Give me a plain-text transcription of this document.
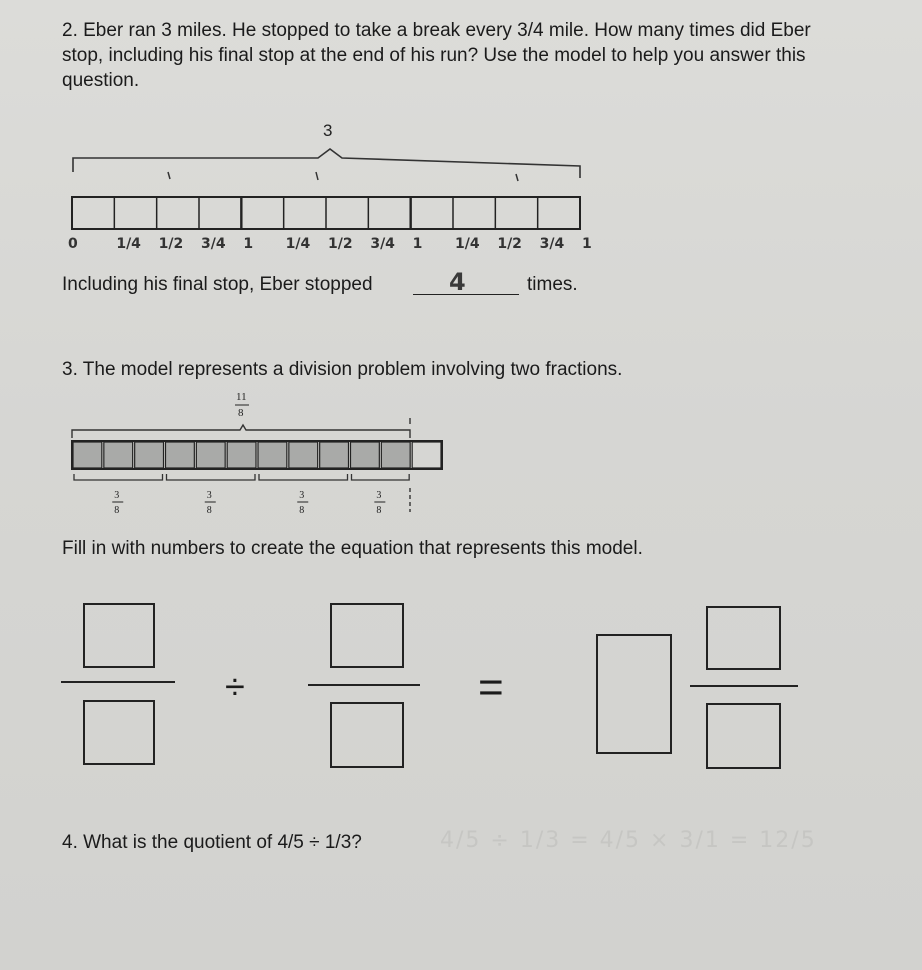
2. Eber ran 3 miles. He stopped to take a break every 3/4 mile. How many times did Eber stop, including his final stop at the end of his run? Use the model to help you answer this question.
3
0	1/4 1/2 3/4 1 1/4 1/2 3/4 1 1/4 1/2 3/4 1
Including his final stop, Eber stopped	4	times.
3. The model represents a division problem involving two fractions.
11
8
3
8
3
8
3
8
3
8
Fill in with numbers to create the equation that represents this model.
÷	=
4. What is the quotient of 4/5 ÷ 1/3?	4/5 ÷ 1/3 = 4/5 × 3/1 = 12/5
